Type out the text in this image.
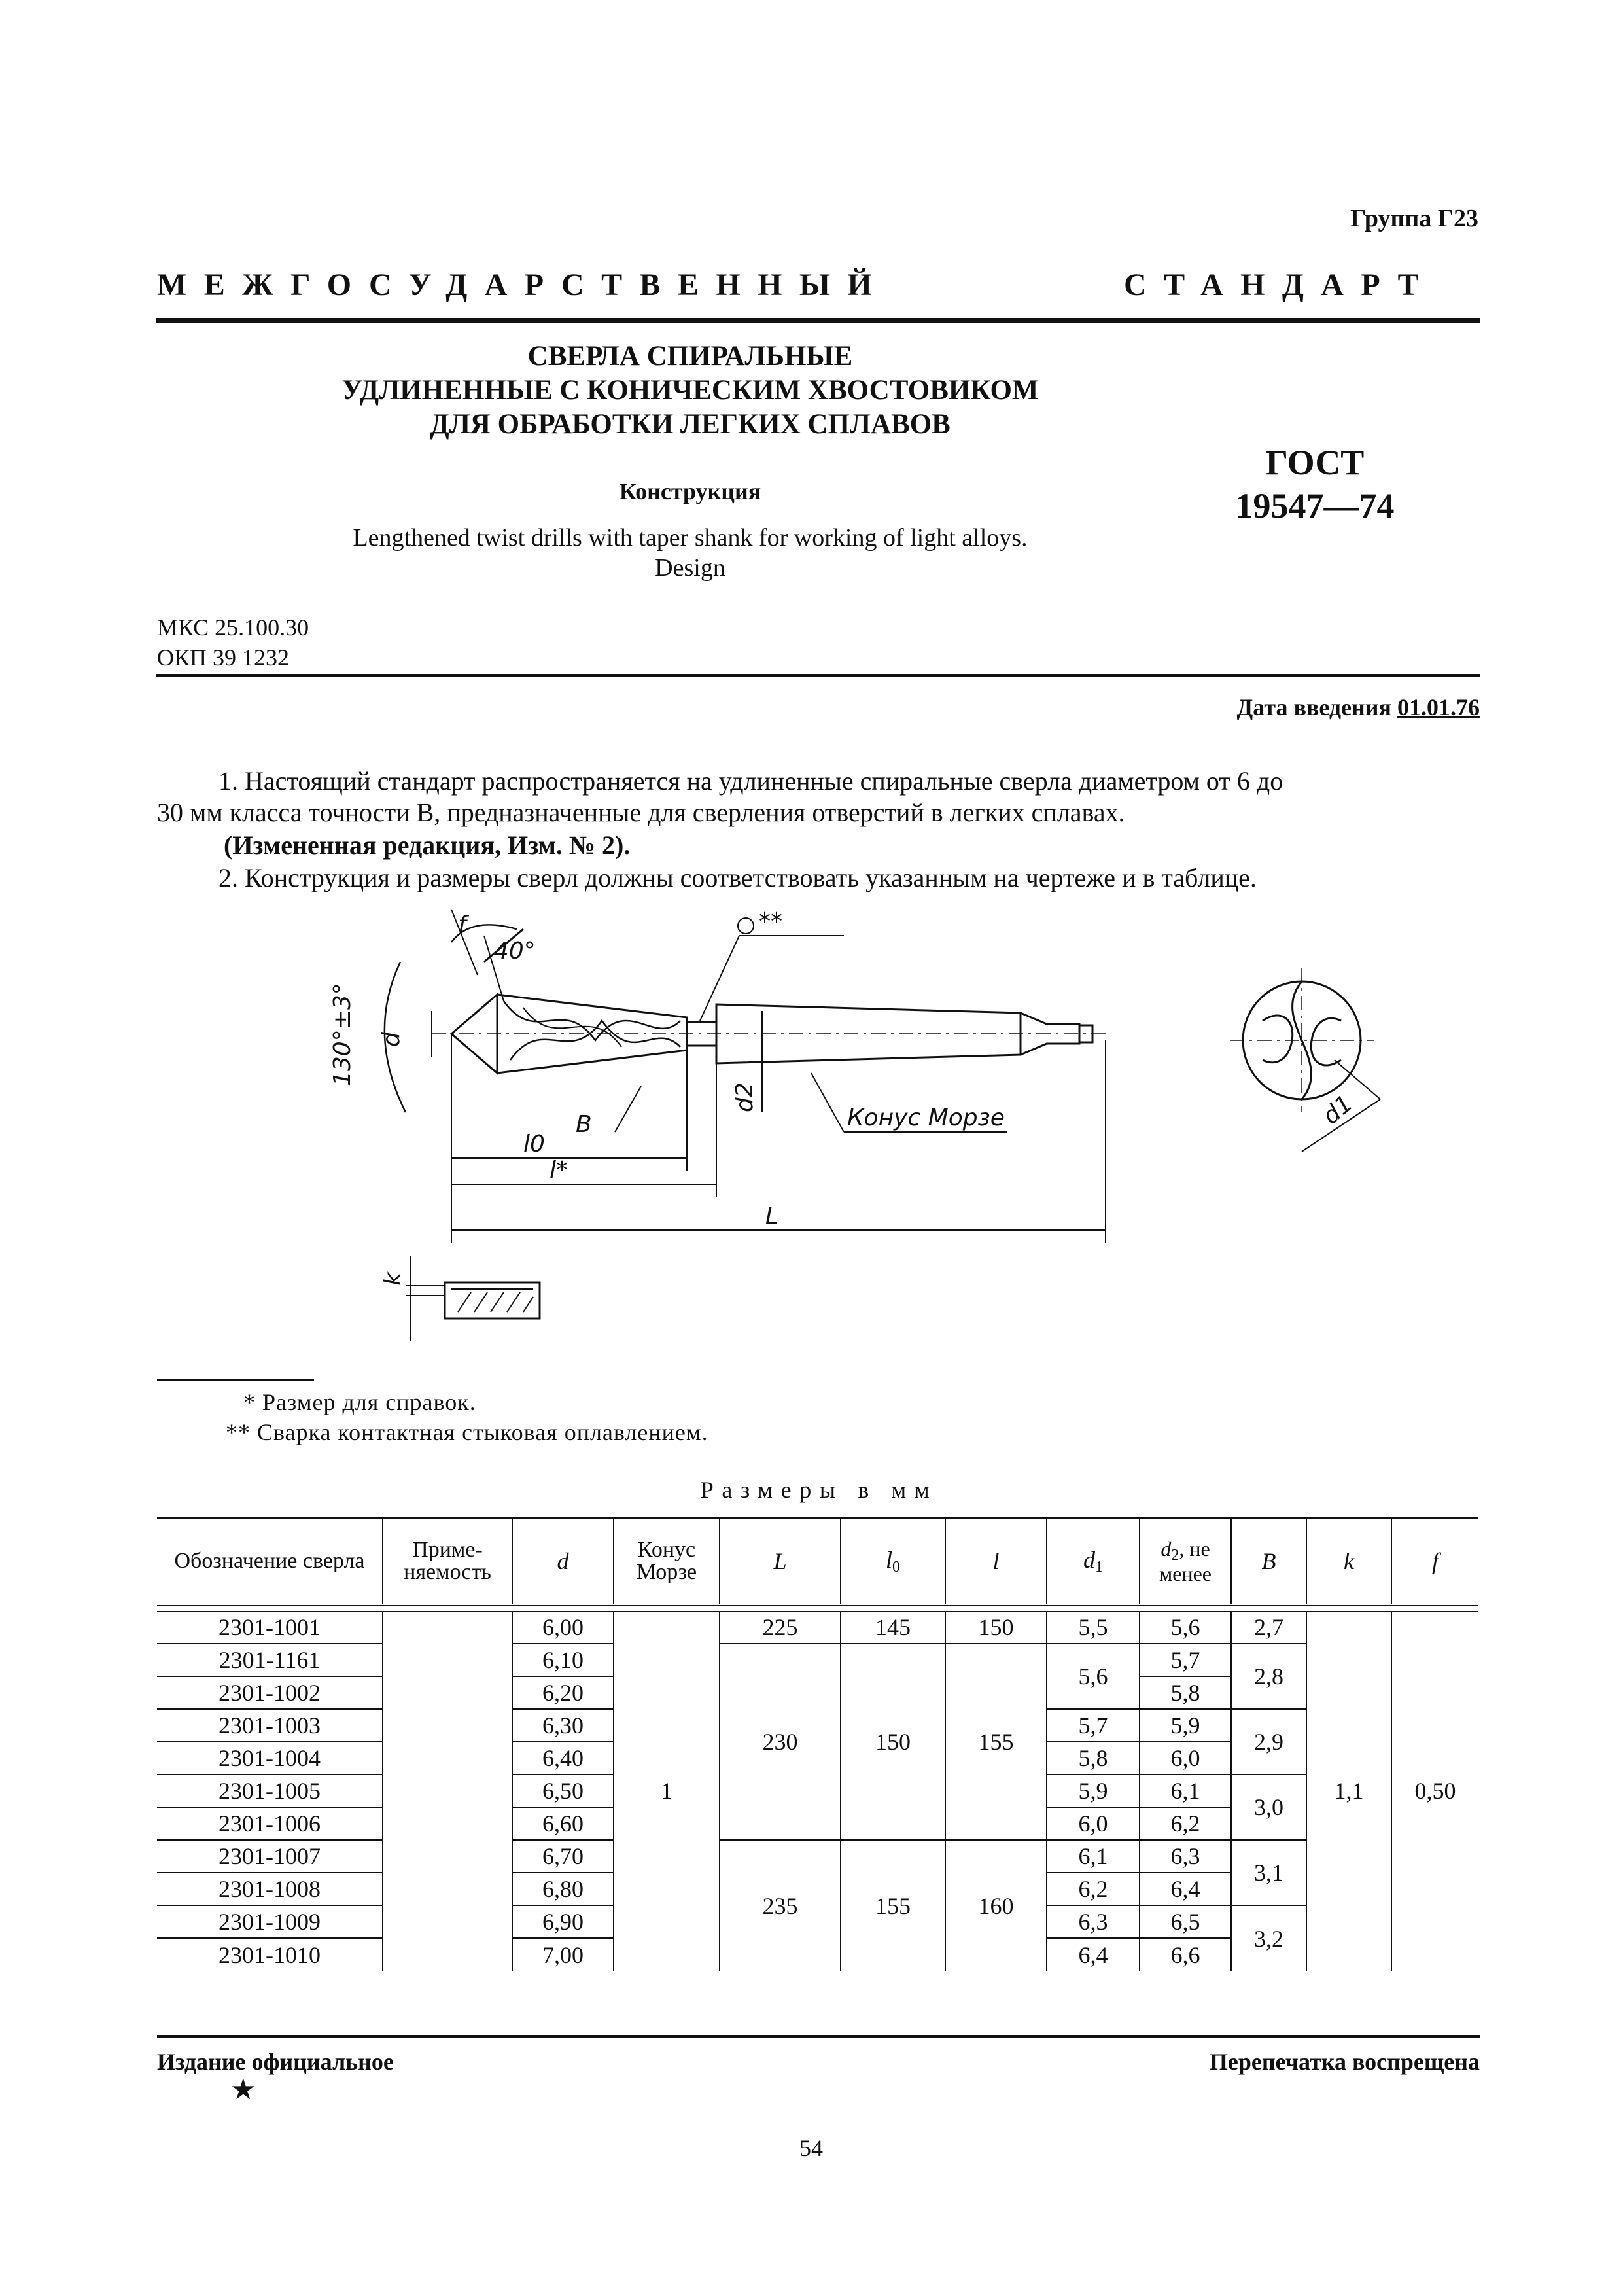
Группа Г23
МЕЖГОСУДАРСТВЕННЫЙ	СТАНДАРТ
СВЕРЛА СПИРАЛЬНЫЕ
УДЛИНЕННЫЕ С КОНИЧЕСКИМ ХВОСТОВИКОМ
ДЛЯ ОБРАБОТКИ ЛЕГКИХ СПЛАВОВ
Конструкция
Lengthened twist drills with taper shank for working of light alloys.
Design
ГОСТ
19547—74
МКС 25.100.30
ОКП 39 1232
Дата введения 01.01.76
1. Настоящий стандарт распространяется на удлиненные спиральные сверла диаметром от 6 до
30 мм класса точности В, предназначенные для сверления отверстий в легких сплавах.
(Измененная редакция, Изм. № 2).
2. Конструкция и размеры сверл должны соответствовать указанным на чертеже и в таблице.
f
40°
**
130°±3° d
d2
l0
B
l*
L
Конус Морзе	d1
k
* Размер для справок.
** Сварка контактная стыковая оплавлением.
Размеры в мм
Обозначение сверла	Приме-няемость	d	Конус Морзе	L	$l_0$	l	$d_1$	$d_2$, не менее	B	k	f

2301-1001		6,00	1	225	145	150	5,5	5,6	2,7	1,1	0,50
2301-1161		6,10		230	150	155	5,6	5,7	2,8		
2301-1002		6,20						5,8			
2301-1003		6,30					5,7	5,9	2,9		
2301-1004		6,40					5,8	6,0			
2301-1005		6,50					5,9	6,1	3,0		
2301-1006		6,60					6,0	6,2			
2301-1007		6,70		235	155	160	6,1	6,3	3,1		
2301-1008		6,80					6,2	6,4			
2301-1009		6,90					6,3	6,5	3,2		
2301-1010		7,00					6,4	6,6			
Издание официальное
★
Перепечатка воспрещена
54
